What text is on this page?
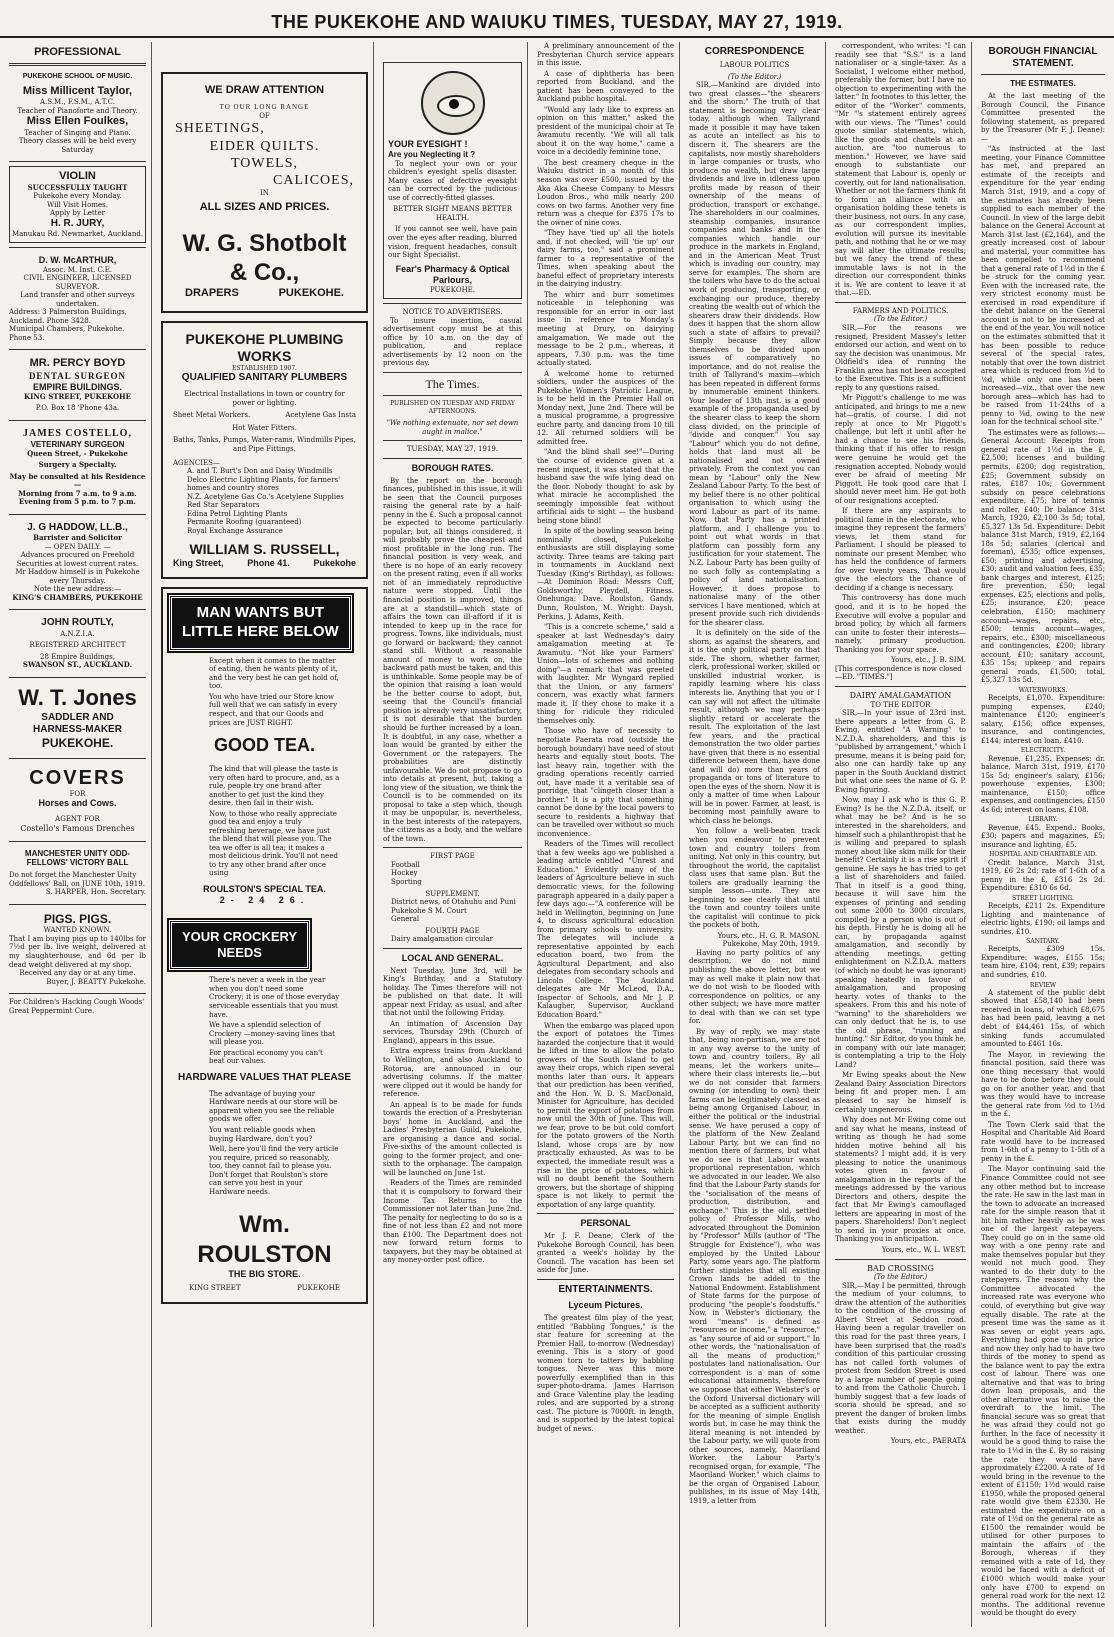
THE PUKEKOHE AND WAIUKU TIMES, TUESDAY, MAY 27, 1919.
PROFESSIONAL
PUKEKOHE SCHOOL OF MUSIC.
Miss Millicent Taylor,
A.S.M., F.S.M., A.T.C.
Teacher of Pianoforte and Theory.
Miss Ellen Foulkes,
Teacher of Singing and Piano.
Theory classes will be held every Saturday
VIOLIN
SUCCESSFULLY TAUGHT
Pukekohe every Monday.
Will Visit Homes.
Apply by Letter
H. R. JURY,
Manukau Rd. Newmarket, Auckland.
D. W. McARTHUR,
Assoc. M. Inst. C.E.
CIVIL ENGINEER, LICENSED SURVEYOR.
Land transfer and other surveys undertaken.
Address: 3 Palmerston Buildings, Auckland. Phone 3428.
Municipal Chambers, Pukekohe. Phone 53.
MR. PERCY BOYD
DENTAL SURGEON
EMPIRE BUILDINGS.
KING STREET, PUKEKOHE
P.O. Box 18 'Phone 43a.
JAMES COSTELLO,
VETERINARY SURGEON
Queen Street, - Pukekohe
Surgery a Specialty.
May be consulted at his Residence—
Morning from 7 a.m. to 9 a.m.
Evening from 5 p.m. to 7 p.m.
J. G HADDOW, LL.B.,
Barrister and Solicitor
— OPEN DAILY. —
Advances procured on Freehold Securities at lowest current rates.
Mr Haddow himself is in Pukekohe every Thursday.
Note the new address:—
KING'S CHAMBERS, PUKEKOHE
JOHN ROUTLY,
A.N.Z.I.A.
REGISTERED ARCHITECT
28 Empire Buildings,
SWANSON ST., AUCKLAND.
W. T. Jones
SADDLER AND
HARNESS-MAKER
PUKEKOHE.
COVERS
FOR
Horses and Cows.
AGENT FOR
Costello's Famous Drenches
MANCHESTER UNITY ODD-FELLOWS' VICTORY BALL
Do not forget the Manchester Unity Oddfellows' Ball, on JUNE 10th, 1919.
S. HARPER, Hon. Secretary.
PIGS. PIGS.
WANTED KNOWN.
That I am buying pigs up to 140lbs for 7½d per lb. live weight, delivered at my slaughterhouse, and 6d per lb dead weight delivered at my shop.
Received any day or at any time.
Buyer, J. BEATTY Pukekohe.
For Children's Hacking Cough Woods' Great Peppermint Cure.
WE DRAW ATTENTION
TO OUR LONG RANGE
OF
SHEETINGS,
EIDER QUILTS.
TOWELS,
CALICOES,
IN
ALL SIZES AND PRICES.
W. G. Shotbolt & Co.,
DRAPERS	PUKEKOHE.
PUKEKOHE PLUMBING WORKS
ESTABLISHED 1907.
QUALIFIED SANITARY PLUMBERS
Electrical Installations in town or country for power or lighting.
Sheet Metal Workers.	Acetylene Gas Insta
Hot Water Fitters.
Baths, Tanks, Pumps, Water-rams, Windmills Pipes, and Pipe Fittings.
AGENCIES—
A. and T. Burt's Don and Daisy Windmills
Delco Electric Lighting Plants, for farmers' homes and country stores
N.Z. Acetylene Gas Co.'s Acetylene Supplies
Red Star Separators
Edina Petrol Lighting Plants
Permanite Roofing (guaranteed)
Royal Exchange Assurance
WILLIAM S. RUSSELL,
King Street,	Phone 41.	Pukekohe
MAN WANTS BUT
LITTLE HERE BELOW

Except when it comes to the matter of eating, then he wants plenty of it, and the very best he can get hold of, too.

You who have tried our Store know full well that we can satisfy in every respect, and that our Goods and prices are JUST RIGHT.

GOOD TEA.

The kind that will please the taste is very often hard to procure, and, as a rule, people try one brand after another to get just the kind they desire, then fail in their wish.

Now, to those who really appreciate good tea and enjoy a truly refreshing beverage, we have just the blend that will please you. The tea we offer is all tea; it makes a most delicious drink. You'll not need to try any other brand after once using

ROULSTON'S SPECIAL TEA.
2- 24 26.
YOUR CROCKERY
NEEDS

There's never a week in the year when you don't need some Crockery; it is one of those everyday serviceable essentials that you must have.

We have a splendid selection of Crockery —money-saving lines that will please you.

For practical economy you can't beat our values.

HARDWARE VALUES THAT PLEASE

The advantage of buying your Hardware needs at our store will be apparent when you see the reliable goods we offer.

You want reliable goods when buying Hardware, don't you?

Well, here you'll find the very article you require, priced so reasonably, too, they cannot fail to please you. Don't forget that Roulston's store can serve you best in your Hardware needs.

Wm. ROULSTON
THE BIG STORE.
KING STREET	PUKEKOHE
YOUR EYESIGHT !
Are you Neglecting it ?

To neglect your own or your children's eyesight spells disaster. Many cases of defective eyesight can be corrected by the judicious use of correctly-fitted glasses.

BETTER SIGHT MEANS BETTER HEALTH.

If you cannot see well, have pain over the eyes after reading, blurred vision, frequent headaches, consult our Sight Specialist.

Fear's Pharmacy & Optical Parlours,
PUKEKOHE.
NOTICE TO ADVERTISERS.

To insure insertion, casual advertisement copy must be at this office by 10 a.m. on the day of publication, and replace advertisements by 12 noon on the previous day.

The Times.
PUBLISHED ON TUESDAY AND FRIDAY AFTERNOONS.
"We nothing extenuate, nor set down aught in malice."
TUESDAY, MAY 27, 1919.
BOROUGH RATES.

By the report on the borough finances, published in this issue, it will be seen that the Council purposes raising the general rate by a half-penny in the £. Such a proposal cannot be expected to become particularly popular; but, all things considered, it will probably prove the cheapest and most profitable in the long run. The financial position is very weak, and there is no hope of an early recovery on the present rating, even if all works not of an immediately reproductive nature were stopped. Until the financial position is improved, things are at a standstill—which state of affairs the town can ill-afford if it is intended to keep up in the race for progress. Towns, like individuals, must go forward or backward; they cannot stand still. Without a reasonable amount of money to work on, the backward path must be taken, and this is unthinkable. Some people may be of the opinion that raising a loan would be the better course to adopt, but, seeing that the Council's financial position is already very unsatisfactory, it is not desirable that the burden should be further increased by a loan. It is doubtful, in any case, whether a loan would be granted by either the Government or the ratepayers. The probabilities are distinctly unfavourable. We do not propose to go into details at present, but, taking a long view of the situation, we think the Council is to be commended on its proposal to take a step which, though it may be unpopular, is, nevertheless, in the best interests of the ratepayers, the citizens as a body, and the welfare of the town.

FIRST PAGE
Football
Hockey
Sporting
SUPPLEMENT.
District news, of Otahuhu and Puni
Pukekohe S M. Court
General
FOURTH PAGE
Dairy amalgamation circular
LOCAL AND GENERAL.

Next Tuesday, June 3rd, will be King's Birthday, and a Statutory holiday. The Times therefore will not be published on that date. It will appear next Friday, as usual, and after that not until the following Friday.

An intimation of Ascension Day services, Thursday 29th (Church of England), appears in this issue.

Extra express trains from Auckland to Wellington, and also Auckland to Rotorua, are announced in our advertising columns. If the matter were clipped out it would be handy for reference.

An appeal is to be made for funds towards the erection of a Presbyterian boys' home in Auckland, and the Ladies' Presbyterian Guild, Pukekohe, are organising a dance and social. Five-sixths of the amount collected is going to the former project, and one-sixth to the orphanage. The campaign will be launched on June 1st.

Readers of the Times are reminded that it is compulsory to forward their Income Tax Returns to the Commissioner not later than June 2nd. The penalty for neglecting to do so is a fine of not less than £2 and not more than £100. The Department does not now forward return forms to taxpayers, but they may be obtained at any money-order post office.

A preliminary announcement of the Presbyterian Church service appears in this issue.

A case of diphtheria has been reported from Buckland, and the patient has been conveyed to the Auckland public hospital.

"Would any lady like to express an opinion on this matter," asked the president of the municipal choir at Te Awamutu recently. "We will all talk about it on the way home," came a voice in a decidedly feminine tone.

The best creamery cheque in the Waiuku district in a month of this season was over £500, issued by the Aka Aka Cheese Company to Messrs Loudon Bros., who milk nearly 200 cows on two farms. Another very fine return was a cheque for £375 17s to the owner of nine cows.

"They have 'tied up' all the hotels and, if not checked, will 'tie up' our dairy farms, too," said a prominent farmer to a representative of the Times, when speaking about the baneful effect of proprietary interests in the dairying industry.

The whirr and burr sometimes noticeable in telephoning was responsible for an error in our last issue in reference to Monday's meeting at Drury, on dairying amalgamation. We made out the message to be 2 p.m., whereas, it appears, 7.30 p.m. was the time actually stated.

A welcome home to returned soldiers, under the auspices of the Pukekohe Women's Patriotic League, is to be held in the Premier Hall on Monday next, June 2nd. There will be a musical programme, a progressive euchre party, and dancing from 10 till 12. All returned soldiers will be admitted free.

"And the blind shall see!"—During the course of evidence given at a recent inquest, it was stated that the husband saw the wife lying dead on the floor. Nobody thought to ask by what miracle he accomplished the seemingly impossible feat without artificial aids to sight — the husband being stone blind!

In spite of the bowling season being nominally closed, Pukekohe enthusiasts are still displaying some activity. Three teams are taking part in tournaments in Auckland next Tuesday (King's Birthday), as follows:—At Dominion Road: Messrs Cuff, Goldsworthy, Pleydell, Fitness. Onehunga: Dave. Roulston, Gandy, Dunn, Roulston, M. Wright: Daysh, Perkins, J. Adams, Keith.

"This is a concrete scheme," said a speaker at last Wednesday's dairy amalgamation meeting at Te Awamutu. "Not like your Farmers' Union—lots of schemes and nothing doing"—a remark that was greeted with laughter. Mr Wyngard replied that the Union, or any farmers' concern, was exactly what farmers made it. If they chose to make it a thing for ridicule they ridiculed themselves only.

Those who have of necessity to negotiate Paerata road (outside the borough boundary) have need of stout hearts and equally stout boots. The last heavy rain, together with the grading operations recently carried out, have made it a veritable sea of porridge, that "clingeth closer than a brother." It is a pity that something cannot be done by the local powers to secure to residents a highway that can be travelled over without so much inconvenience.

Readers of the Times will recollect that a few weeks ago we published a leading article entitled "Unrest and Education." Evidently many of the leaders of Agriculture believe in such democratic views, for the following paragraph appeared in a daily paper a few days ago:—"A conference will be held in Wellington, beginning on June 4, to discuss agricultural education from primary schools to university. The delegates will include a representative appointed by each education board, two from the Agricultural Department, and also delegates from secondary schools and Lincoln College. The Auckland delegates are Mr McLeod, D.A., Inspector of Schools, and Mr J. P. Kalaugher, Supervisor, Auckland Education Board."

When the embargo was placed upon the export of potatoes the Times hazarded the conjecture that it would be lifted in time to allow the potato growers of the South Island to get away their crops, which ripen several months later than ours. It appears that our prediction has been verified, and the Hon. W. D. S. MacDonald, Minister for Agriculture, has decided to permit the export of potatoes from now until the 30th of June. This will, we fear, prove to be but cold comfort for the potato growers of the North Island, whose crops are by now practically exhausted. As was to be expected, the immediate result was a rise in the price of potatoes, which will no doubt benefit the Southern growers, but the shortage of shipping space is not likely to permit the exportation of any large quantity.

PERSONAL

Mr J. F. Deane, Clerk of the Pukekohe Borough Council, has been granted a week's holiday by the Council. The vacation has been set aside for June.

ENTERTAINMENTS.
Lyceum Pictures.

The greatest film play of the year, entitled "Babbling Tongues," is the star feature for screening at the Premier Hall, to-morrow (Wednesday) evening. This is a story of good women torn to tatters by babbling tongues. Never was this more powerfully exemplified than in this super-photo-drama. James Harrison and Grace Valentine play the leading roles, and are supported by a strong cast. The picture is 7000ft. in length, and is supported by the latest topical budget of news.

CORRESPONDENCE
LABOUR POLITICS
(To the Editor.)

SIR,—Mankind are divided into two great classes—"the shearers and the shorn." The truth of that statement is becoming very clear today, although when Tallyrand made it possible it may have taken as acute an intellect as his to discern it. The shearers are the capitalists, now mostly shareholders in large companies or trusts, who produce no wealth, but draw large dividends and live in idleness upon profits made by reason of their ownership of the means of production, transport or exchange. The shareholders in our coalmines, steamship companies, insurance companies and banks and in the companies which handle our produce in the markets in England, and in the American Meat Trust which is invading our country, may serve for examples. The shorn are the toilers who have to do the actual work of producing, transporting, or exchanging our produce, thereby creating the wealth out of which the shearers draw their dividends. How does it happen that the shorn allow such a state of affairs to prevail? Simply because they allow themselves to be divided upon issues of comparatively no importance, and do not realise the truth of Tallyrand's maxim—which has been repeated in different forms by innumerable eminent thinkers. Your leader of 13th inst. is a good example of the propaganda used by the shearer class to keep the shorn class divided, on the principle of "divide and conquer." You say "Labour" which you do not define, holds that land must all be nationalised and not owned privately. From the context you can mean by "Labour" only the New Zealand Labour Party. To the best of my belief there is no other political organisation to which using the word Labour as part of its name. Now, that Party has a printed platform, and I challenge you to point out what words in that platform can possibly form any justification for your statement. The N.Z. Labour Party has been guilty of no such folly as contemplating a policy of land nationalisation. However, it does propose to nationalise many of the other services I have mentioned, which at present provide such rich dividends for the shearer class.

It is definitely on the side of the shorn, as against the shearers, and it is the only political party on that side. The shorn, whether farmer, clerk, professional worker, skilled or unskilled industrial worker, is rapidly learning where his class interests lie. Anything that you or I can say will not affect the ultimate result, although we may perhaps slightly retard or accelerate the result. The exploitation of the last few years, and the practical demonstration the two older parties have given that there is no essential difference between them, have done (and will do) more than years of propaganda or tons of literature to open the eyes of the shorn. Now it is only a matter of time when Labour will be in power. Farmer, at least, is becoming most painfully aware to which class he belongs.

You follow a well-beaten track when you endeavour to prevent town and country toilers from uniting. Not only in this country, but throughout the world, the capitalist class uses that same plan. But the toilers are gradually learning the simple lesson—unite. They are beginning to see clearly that until the town and country toilers unite the capitalist will continue to pick the pockets of both.

Yours, etc., H. G. R. MASON. Pukekohe, May 20th, 1919.

Having no party politics of any description, we do not mind publishing the above letter, but we may as well make it plain now that we do not wish to be flooded with correspondence on politics, or any other subject; we have more matter to deal with than we can set type for.

By way of reply, we may state that, being non-partisan, we are not in any way averse to the unity of town and country toilers. By all means, let the workers unite—where their class interests lie,—but we do not consider that farmers owning (or intending to own) their farms can be legitimately classed as being among Organised Labour, in either the political or the industrial sense. We have perused a copy of the platform of the New Zealand Labour Party, but we can find no mention there of farmers, but what we do see is that Labour wants proportional representation, which we advocated in our leader. We also find that the Labour Party stands for the "socialisation of the means of production, distribution, and exchange." This is the old, settled policy of Professor Mills, who advocated throughout the Dominion by "Professor" Mills (author of "The Struggle for Existence"), who was employed by the United Labour Party, some years ago. The platform further stipulates that all existing Crown lands be added to the National Endowment. Establishment of State farms for the purpose of producing "the people's foodstuffs." Now, in Webster's dictionary, the word "means" is defined as "resources or income," a "resource," as "any source of aid or support." In other words, the "nationalisation of all the means of production," postulates land nationalisation. Our correspondent is a man of some educational attainments, therefore we suppose that either Webster's or the Oxford Universal dictionary will be accepted as a sufficient authority for the meaning of simple English words but, in case he may think the literal meaning is not intended by the Labour party, we will quote from other sources, namely, Maoriland Worker, the Labour Party's recognised organ, for example, "The Maoriland Worker," which claims to be the organ of Organised Labour, publishes, in its issue of May 14th, 1919, a letter from

correspondent, who writes: "I can readily see that "S.S." is a land nationaliser or a single-taxer. As a Socialist, I welcome either method, preferably the former, but I have no objection to experimenting with the latter." In footnotes to this letter, the editor of the "Worker" comments, "Mr "'s statement entirely agrees with our views. The "Times" could quote similar statements, which, like the goods and chattels at an auction, are "too numerous to mention." However, we have said enough to substantiate our statement that Labour is, openly or covertly, out for land nationalisation. Whether or not the farmers think fit to form an alliance with an organisation holding these tenets is their business, not ours. In any case, as our correspondent implies, evolution will pursue its inevitable path, and nothing that he or we may say will alter the ultimate results; but we fancy the trend of these immutable laws is not in the direction our correspondent thinks it is. We are content to leave it at that.—ED.

FARMERS AND POLITICS.
(To the Editor.)

SIR,—For the reasons we resigned, President Massey's letter endorsed our action, and went on to say the decision was unanimous. Mr Oldfield's idea of running the Franklin area has not been accepted to the Executive. This is a sufficient reply to any questions raised.

Mr Piggott's challenge to me was anticipated, and brings to me a new hat—gratis, of course. I did not reply at once to Mr Piggott's challenge, but left it until after he had a chance to see his friends, thinking that if his offer to resign were genuine he would get the resignation accepted. Nobody would ever be afraid of meeting Mr Piggott. He took good care that I should never meet him. He got both of our resignations accepted.

If there are any aspirants to political fame in the electorate, who imagine they represent the farmers' views, let them stand for Parliament. I should be pleased to nominate our present Member, who has held the confidence of farmers for over twenty years. That would give the electors the chance of deciding if a change is necessary.

This controversy has done much good, and it is to be hoped the Executive will evolve a popular and broad policy, by which all farmers can unite to foster their interests—namely, primary production. Thanking you for your space.

Yours, etc., J. B. SIM.
[This correspondence is now closed —ED. "TIMES."]
DAIRY AMALGAMATION
TO THE EDITOR

SIR,—In your issue of 23rd inst. there appears a letter from G. P. Ewing, entitled "A Warning" to N.Z.D.A. shareholders, and this is "published by arrangement," which I presume, means it is being paid for; also one can hardly take up any paper in the South Auckland district but what one sees the name of G. P. Ewing figuring.

Now, may I ask who is this G. P. Ewing? Is he the N.Z.D.A. itself, or what may he be? And is he so interested in the shareholders, and himself such a philanthropist that he is willing and prepared to splash money about like skim milk for their benefit? Certainly it is a rise spirit if genuine. He says he has tried to get a list of shareholders and failed. That in itself is a good thing, because it will save him the expenses of printing and sending out some 2000 to 3000 circulars, compiled by a person who is out of his depth. Firstly he is doing all he can, by propaganda against amalgamation, and secondly by attending meetings, getting enlightenment on N.Z.D.A. matters (of which no doubt he was ignorant) speaking heatedly in favour of amalgamation, and proposing hearty votes of thanks to the speakers. From this and his note of "warning" to the shareholders we can only deduct that he is, to use the old phrase, "running and hunting." Sir Editor, do you think he, in company with our late manager, is contemplating a trip to the Holy Land?

Mr Ewing speaks about the New Zealand Dairy Association Directors being fit and proper men. I am pleased to say he himself is certainly ungenerous.

Why does not Mr Ewing come out and say what he means, instead of writing as though he had some hidden motive behind all his statements? I might add, it is very pleasing to notice the unanimous votes given in favour of amalgamation in the reports of the meetings addressed by the various Directors and others, despite the fact that Mr Ewing's camouflaged letters are appearing in most of the papers. Shareholders! Don't neglect to send in your proxies at once. Thanking you in anticipation.

Yours, etc., W. L. WEST.
BAD CROSSING
(To the Editor.)

SIR,—May I be permitted, through the medium of your columns, to draw the attention of the authorities to the condition of the crossing of Albert Street at Seddon road. Having been a regular traveller on this road for the past three years, I have been surprised that the road's condition of this particular crossing has not called forth volumes of protest from Seddon Street is used by a large number of people going to and from the Catholic Church. I humbly suggest that a few loads of scoria should be spread, and so prevent the danger of broken limbs that exists during the muddy weather.

Yours, etc., PAERATA
BOROUGH FINANCIAL STATEMENT.
THE ESTIMATES.

At the last meeting of the Borough Council, the Finance Committee presented the following statement, as prepared by the Treasurer (Mr F. J. Deane):—

"As instructed at the last meeting, your Finance Committee has met, and prepared an estimate of the receipts and expenditure for the year ending March 31st, 1919, and a copy of the estimates has already been supplied to each member of the Council. In view of the large debit balance on the General Account at March 31st last (£2,164), and the greatly increased cost of labour and material, your committee has been compelled to recommend that a general rate of 1½d in the £ be struck for the coming year. Even with the increased rate, the very strictest economy must be exercised in road expenditure if the debit balance on the General account is not to be increased at the end of the year. You will notice on the estimates submitted that it has been possible to reduce several of the special rates, notably that over the town district area which is reduced from ½d to ⅛d, while only one has been increased—viz., that over the new borough area—which has had to be raised from 11-24ths of a penny to ⅛d, owing to the new loan for the technical school site."

The estimates were as follows:— General Account: Receipts from general rate of 1½d in the £, £2,500; licenses and building permits, £200; dog registration, £25; Government subsidy on rates, £187 10s; Government subsidy on peace celebrations expenditure, £75; hire of tennis and roller, £40; Dr balance 31st March, 1920, £2,100 3s 5d; total, £5,327 13s 5d. Expenditure: Debit balance 31st March, 1919, £2,164 18s 5d; salaries (clerical and foreman), £535; office expenses, £50; printing and advertising, £30; audit and valuation fees, £35; bank charges and interest, £125; fire prevention, £50; legal expenses, £25; elections and polls, £25; insurance, £20; peace celebration, £150; machinery account—wages, repairs, etc., £500; tennis account—wages, repairs, etc., £300; miscellaneous and contingencies, £200; library account, £10; sanitary account, £35 15s; upkeep and repairs general roads, £1,500; total, £5,327 13s 5d.

WATERWORKS.

Receipts, £1,070. Expenditure: pumping expenses, £240; maintenance £120; engineer's salary, £156; office expenses, insurance, and contingencies, £144; interest on loan, £410.

ELECTRICITY.

Revenue, £1,235. Expenses: dr. balance, March 31st, 1919, £170 15s 5d; engineer's salary, £156; powerhouse expenses, £300; maintenance, £150; office expenses, and contingencies, £150 4s 6d; interest on loans, £108.

LIBRARY.

Revenue, £45. Expend.: Books, £30; papers and magazines, £5; insurance and lighting, £5.

HOSPITAL AND CHARITABLE AID.

Credit balance, March 31st, 1919, £6 2s 2d; rate of 1-6th of a penny in the £, £316 2s 2d. Expenditure: £310 6s 6d.

STREET LIGHTING.

Receipts, £211 2s. Expenditure Lighting and maintenance of electric lights, £190; oil lamps and sundries, £10.

SANITARY.

Receipts, £309 15s. Expenditure: wages, £155 15s; team hire, £104; rent, £39; repairs and sundries, £10.

REVIEW

A statement of the public debt showed that £58,140 had been received in loans, of which £8,675 has had been paid, leaving a net debt of £44,461 15s, of which sinking funds accumulated amounted to £461 16s.

The Mayor, in reviewing the financial position, said there was one thing necessary that would have to be done before they could go on for another year, and that was they would have to increase the general rate from ½d to 1½d in the £.

The Town Clerk said that the Hospital and Charitable Aid Board rate would have to be increased from 1-6th of a penny to 1-5th of a penny in the £.

The Mayor continuing said the Finance Committee could not see any other method but to increase the rate. He saw in the last man in the town to advocate an increased rate for the simple reason that it hit him rather heavily as he was one of the largest ratepayers. They could go on in the same old way with a one penny rate and make themselves popular but they would not much good. They wanted to do their duty to the ratepayers. The reason why the Committee advocated the increased rate was everyone who could, of everything but give way equally disable. The rate at the present time was the same as it was seven or eight years ago. Everything had gone up in price and now they only had to have two thirds of the money to spend as the balance went to pay the extra cost of labour. There was one alternative and that was to bring down loan proposals, and the other alternative was to raise the overdraft to the limit. The financial secure was so great that he was afraid they could not go further. In the face of necessity it would be a good thing to raise the rate to 1½d in the £. By so raising the rate they would have approximately £2200. A rate of 1d would bring in the revenue to the extent of £1150; 1½d would raise £1950, while the proposed general rate would give them £2330. He estimated the expenditure on a rate of 1½d on the general rate as £1500 the remainder would be utilised for other purposes to maintain the affairs of the Borough, whereas if they remained with a rate of 1d, they would be faced with a deficit of £1000 which would make your only have £700 to expend on general road work for the next 12 months. The additional revenue would be thought do every
